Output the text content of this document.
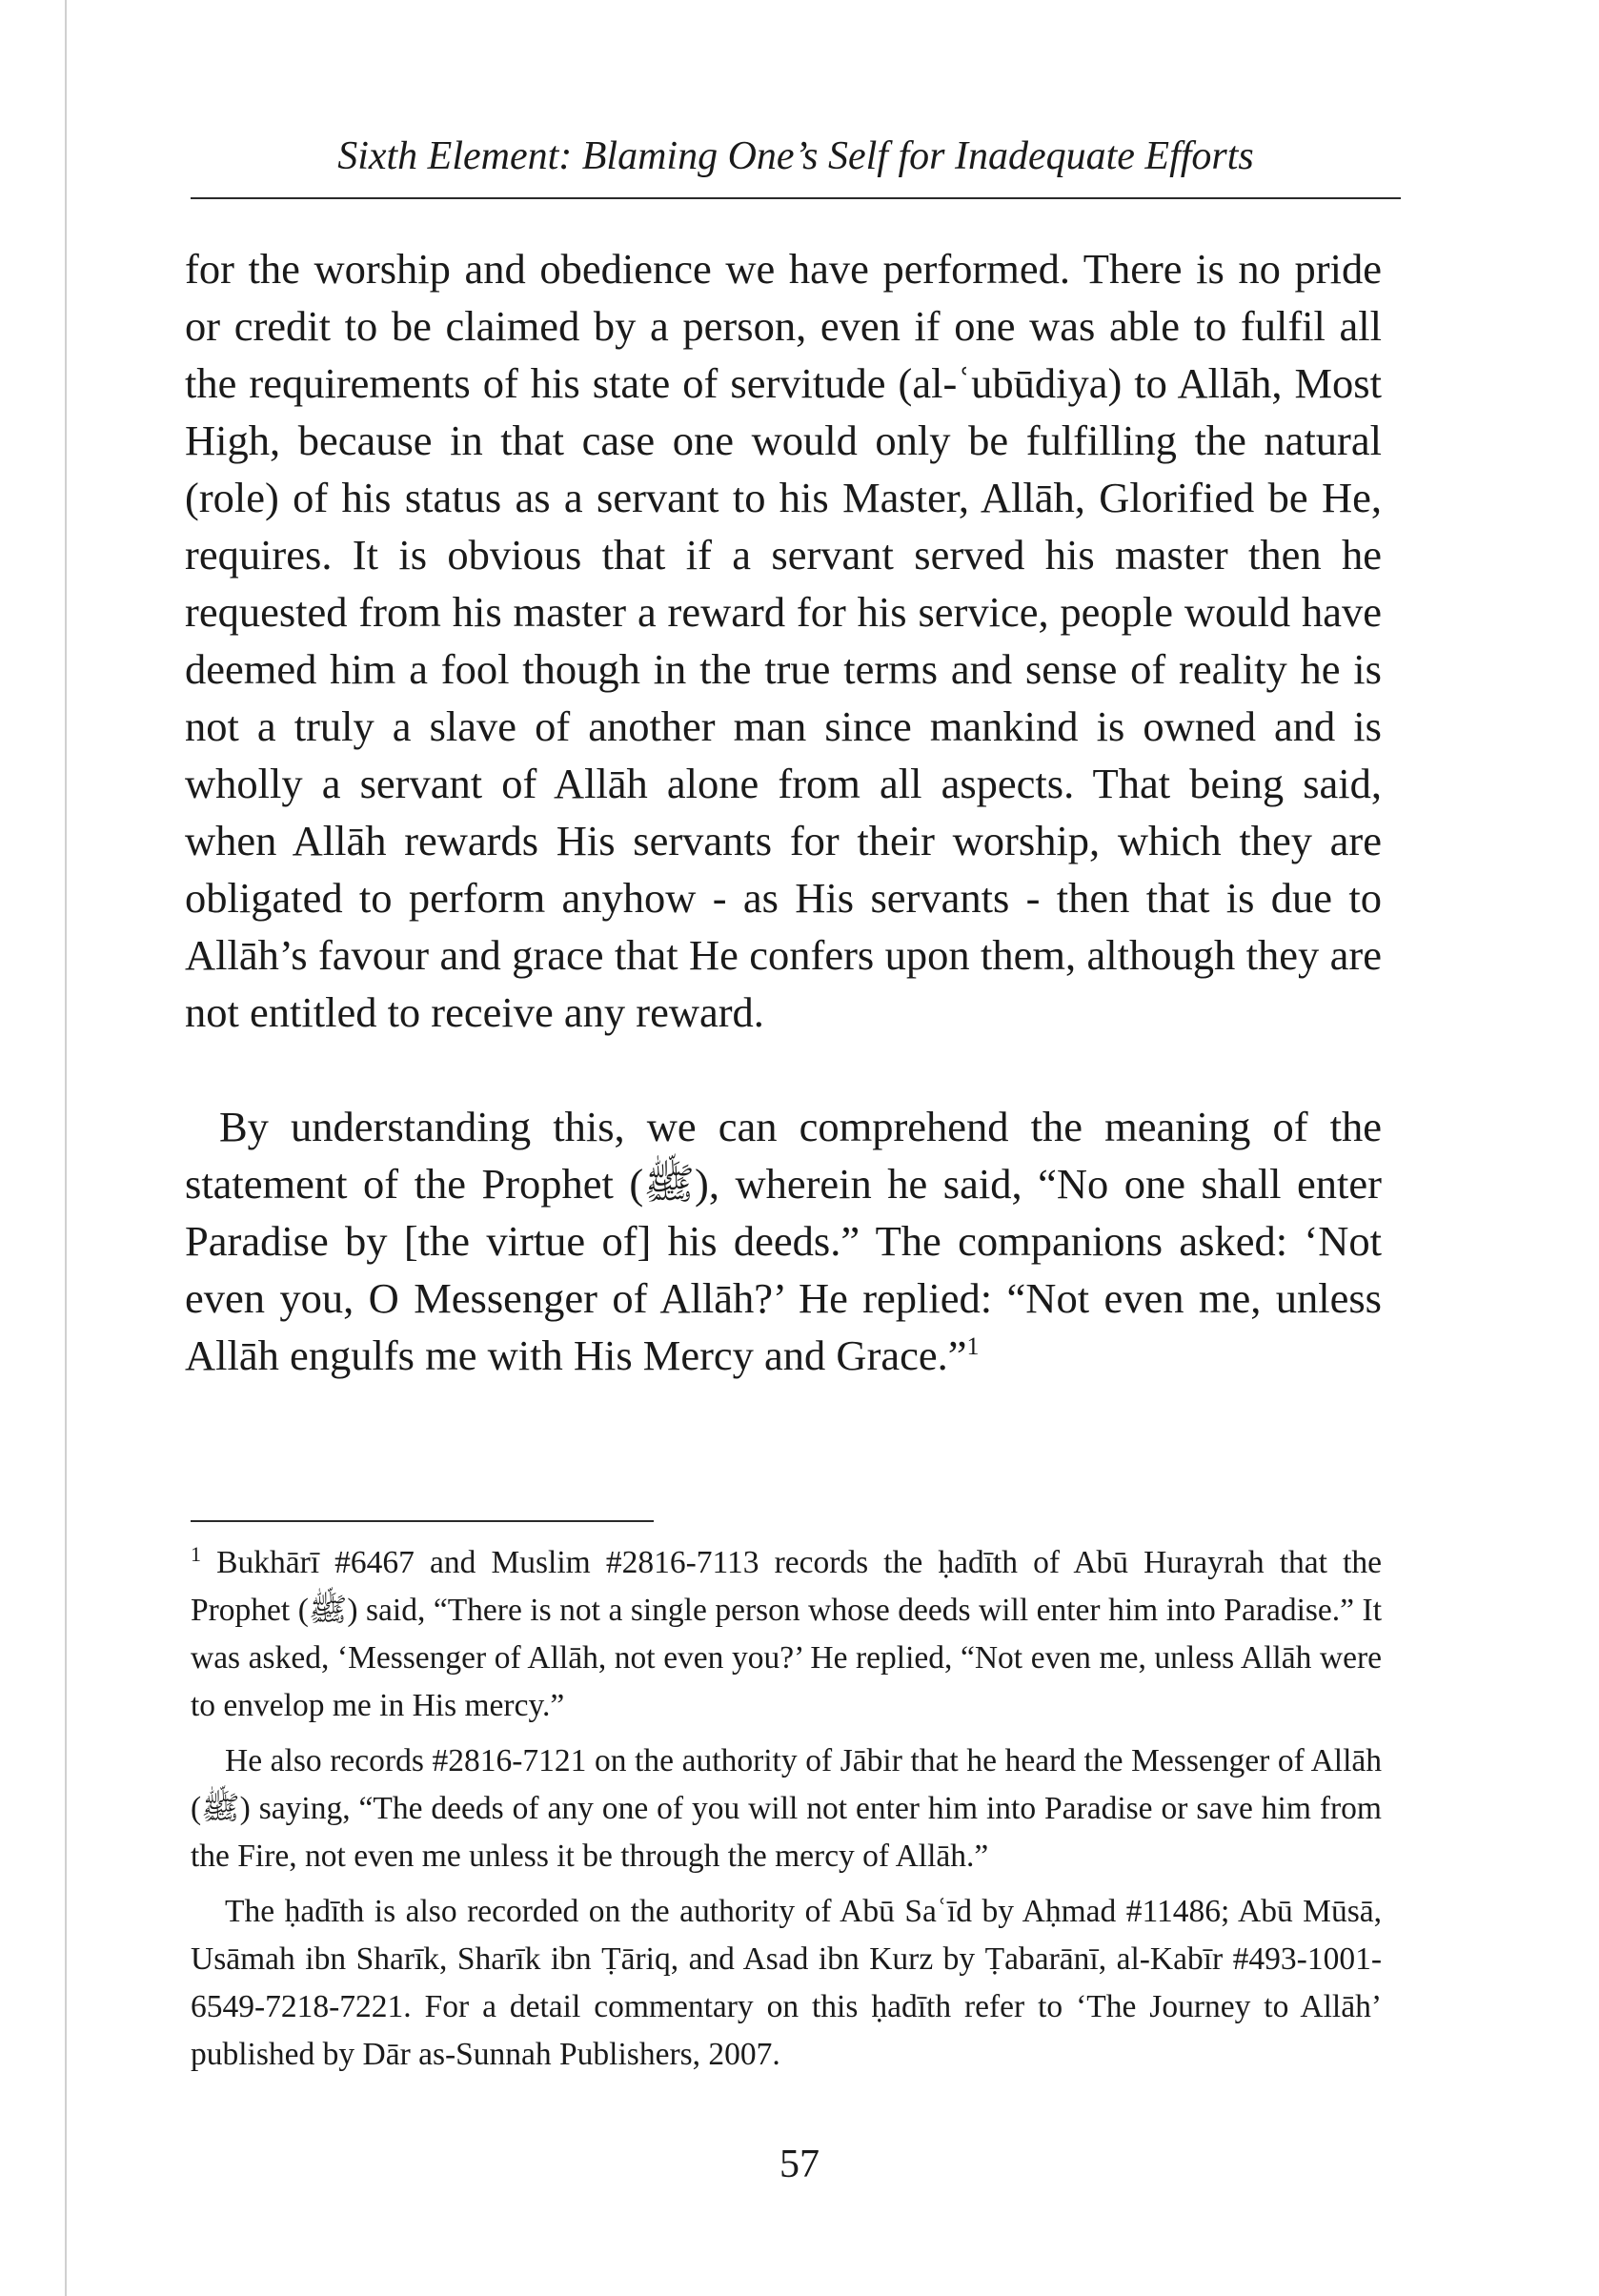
Sixth Element: Blaming One’s Self for Inadequate Efforts

for the worship and obedience we have performed. There is no pride or credit to be claimed by a person, even if one was able to fulfil all the requirements of his state of servitude (al-ʿubūdiya) to Allāh, Most High, because in that case one would only be fulfilling the natural (role) of his status as a servant to his Master, Allāh, Glorified be He, requires. It is obvious that if a servant served his master then he requested from his master a reward for his service, people would have deemed him a fool though in the true terms and sense of reality he is not a truly a slave of another man since mankind is owned and is wholly a servant of Allāh alone from all aspects. That being said, when Allāh rewards His servants for their worship, which they are obligated to perform anyhow - as His servants - then that is due to Allāh’s favour and grace that He confers upon them, although they are not entitled to receive any reward.

By understanding this, we can comprehend the meaning of the statement of the Prophet (ﷺ), wherein he said, “No one shall enter Paradise by [the virtue of] his deeds.” The companions asked: ‘Not even you, O Messenger of Allāh?’ He replied: “Not even me, unless Allāh engulfs me with His Mercy and Grace.”$^1$

$^1$ Bukhārī #6467 and Muslim #2816-7113 records the ḥadīth of Abū Hurayrah that the Prophet (ﷺ) said, “There is not a single person whose deeds will enter him into Paradise.” It was asked, ‘Messenger of Allāh, not even you?’ He replied, “Not even me, unless Allāh were to envelop me in His mercy.”

He also records #2816-7121 on the authority of Jābir that he heard the Messenger of Allāh (ﷺ) saying, “The deeds of any one of you will not enter him into Paradise or save him from the Fire, not even me unless it be through the mercy of Allāh.”

The ḥadīth is also recorded on the authority of Abū Saʿīd by Aḥmad #11486; Abū Mūsā, Usāmah ibn Sharīk, Sharīk ibn Ṭāriq, and Asad ibn Kurz by Ṭabarānī, al-Kabīr #493-1001-6549-7218-7221. For a detail commentary on this ḥadīth refer to ‘The Journey to Allāh’ published by Dār as-Sunnah Publishers, 2007.

57
